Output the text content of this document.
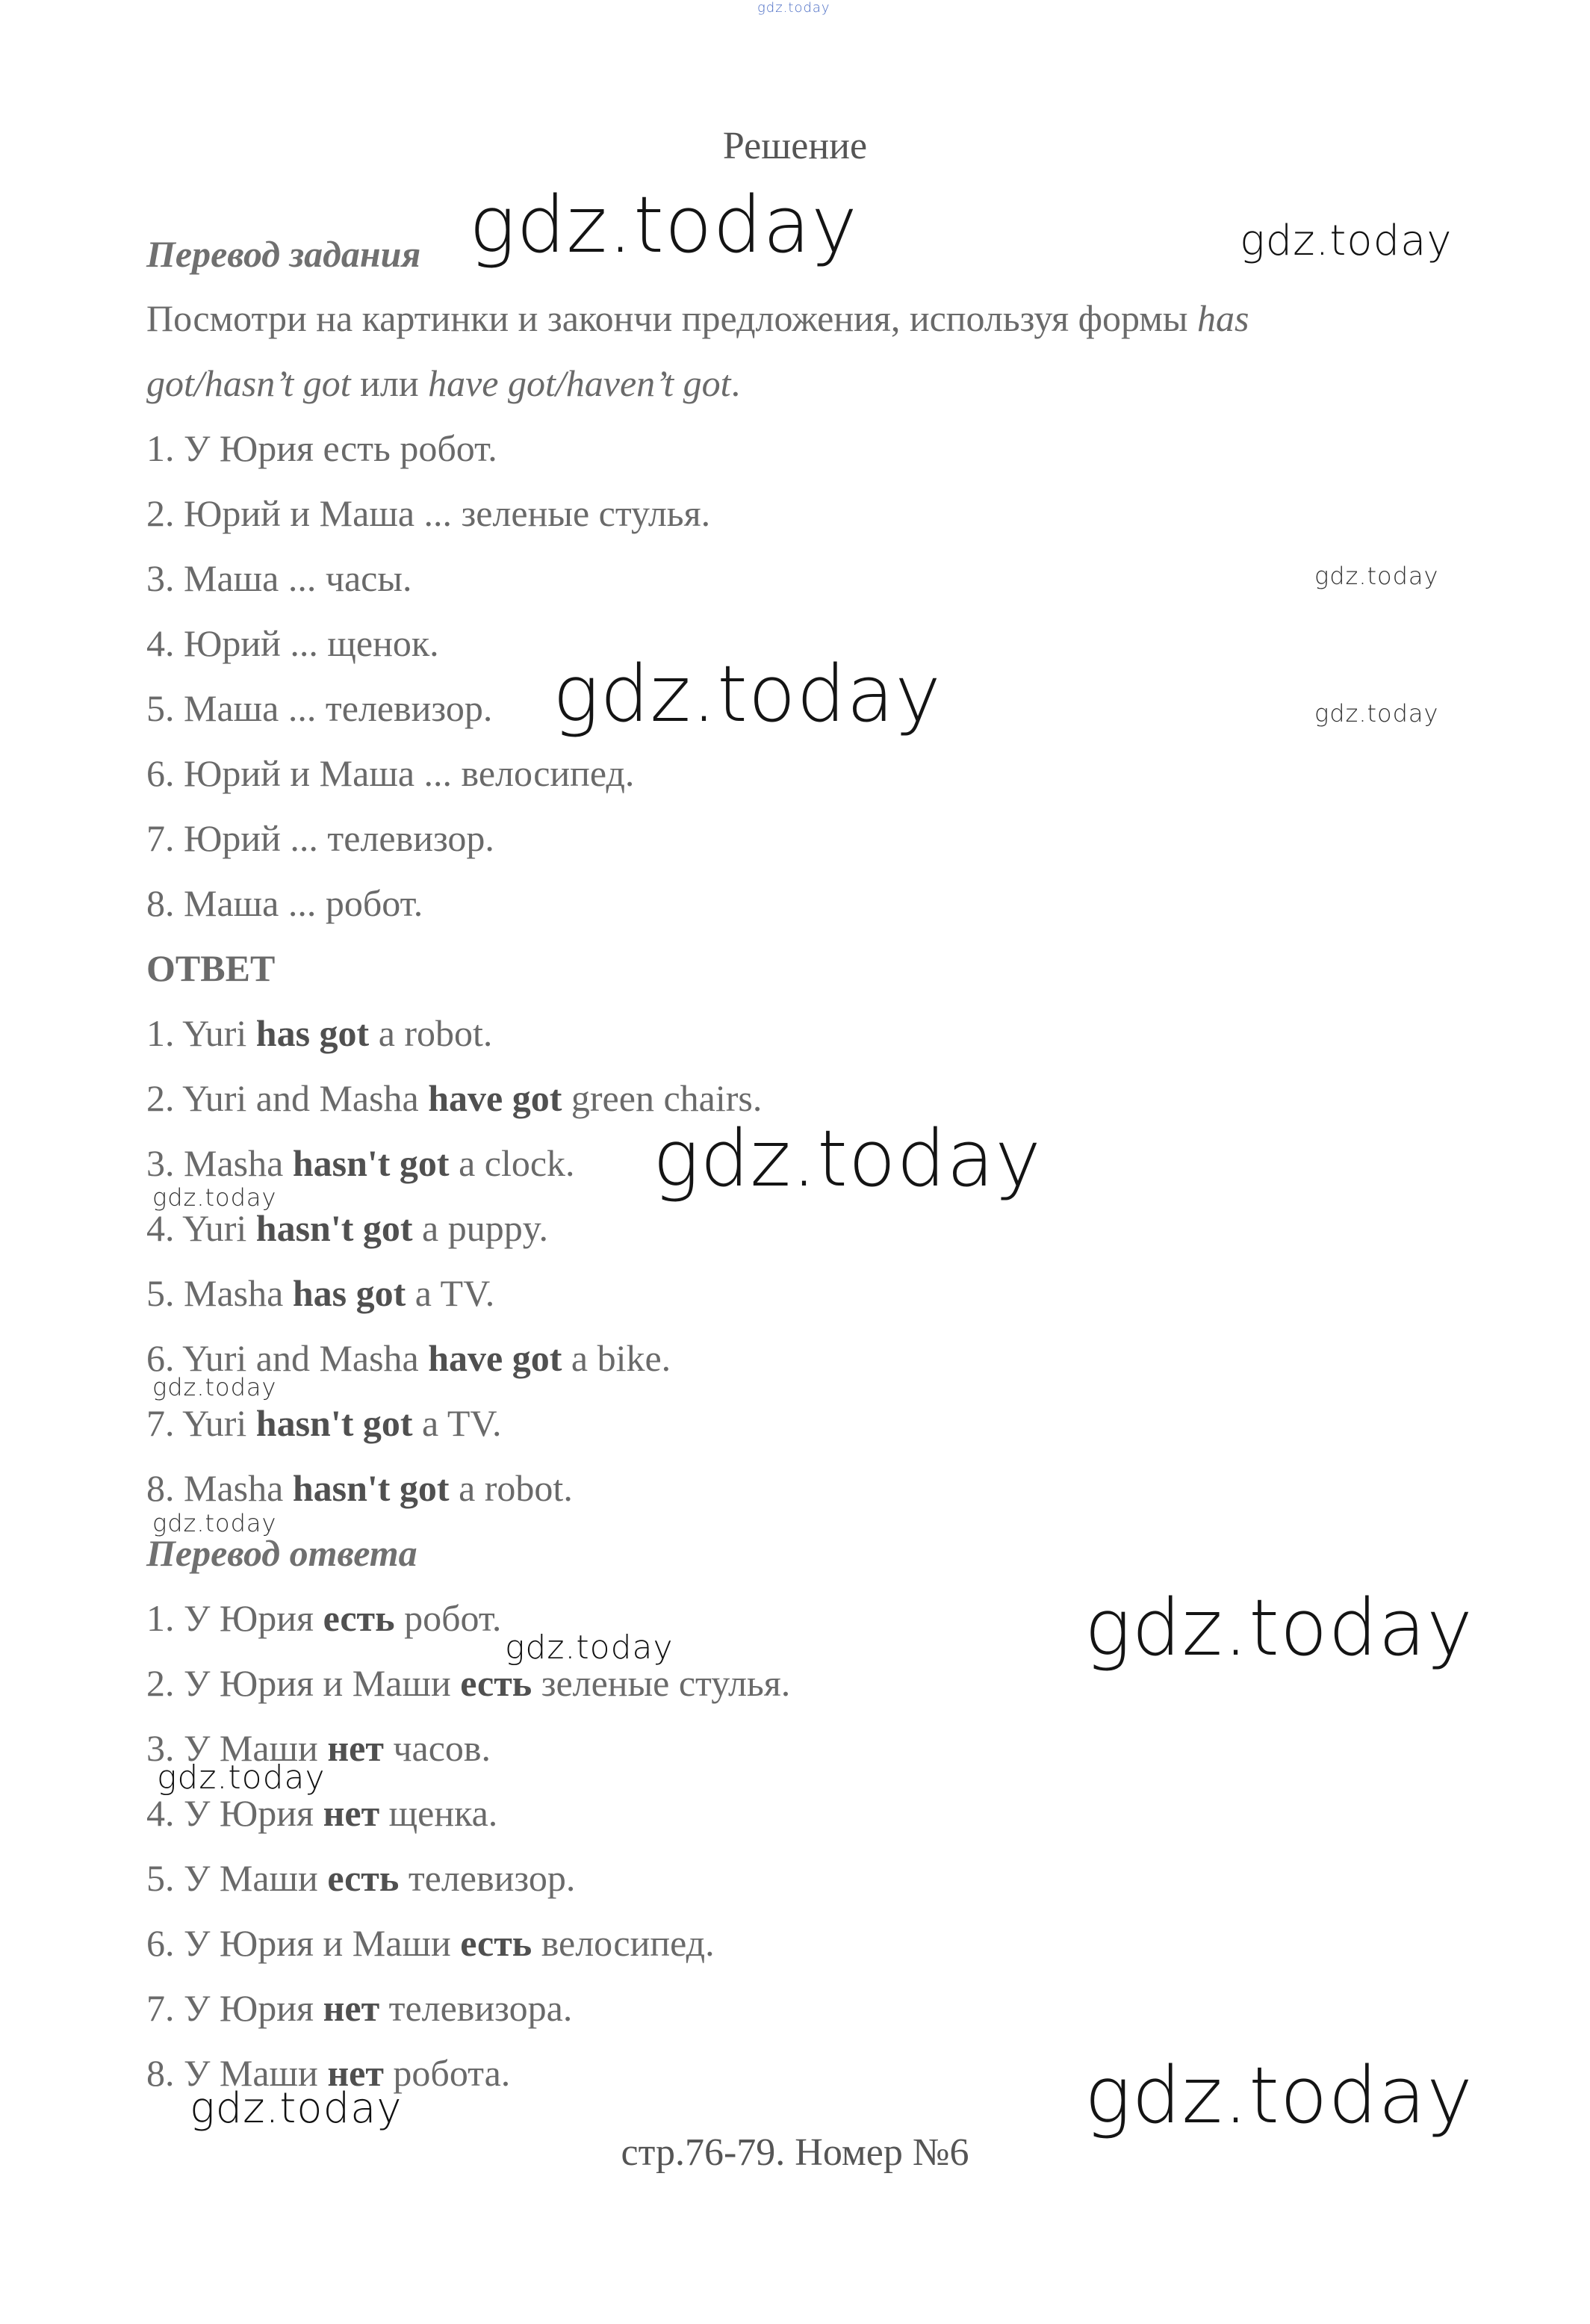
gdz.today
Решение
Перевод задания
Посмотри на картинки и закончи предложения, используя формы has
got/hasn’t got или have got/haven’t got.
1. У Юрия есть робот.
2. Юрий и Маша ... зеленые стулья.
3. Маша ... часы.
4. Юрий ... щенок.
5. Маша ... телевизор.
6. Юрий и Маша ... велосипед.
7. Юрий ... телевизор.
8. Маша ... робот.
ОТВЕТ
1. Yuri has got a robot.
2. Yuri and Masha have got green chairs.
3. Masha hasn't got a clock.
4. Yuri hasn't got a puppy.
5. Masha has got a TV.
6. Yuri and Masha have got a bike.
7. Yuri hasn't got a TV.
8. Masha hasn't got a robot.
Перевод ответа
1. У Юрия есть робот.
2. У Юрия и Маши есть зеленые стулья.
3. У Маши нет часов.
4. У Юрия нет щенка.
5. У Маши есть телевизор.
6. У Юрия и Маши есть велосипед.
7. У Юрия нет телевизора.
8. У Маши нет робота.
стр.76-79. Номер №6
gdz.today	gdz.today
gdz.today
gdz.today	gdz.today
gdz.today
gdz.today
gdz.today
gdz.today
gdz.today
gdz.today
gdz.today
gdz.today
gdz.today
